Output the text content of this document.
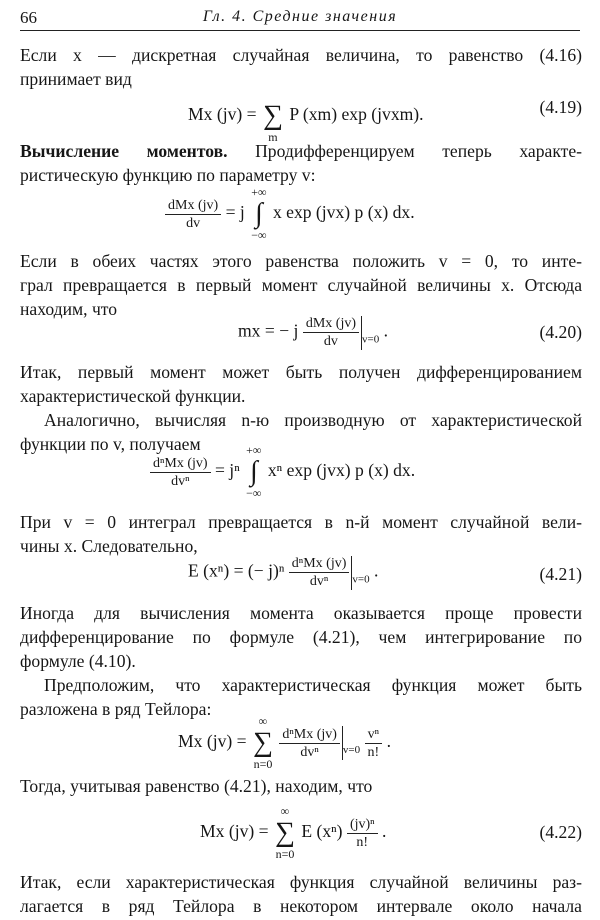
66	Гл. 4. Средние значения

Если x — дискретная случайная величина, то равенство (4.16)

принимает вид

Mx (jv) =
∑
m
P (xm) exp (jvxm).	(4.19)

Вычисление моментов. Продифференцируем теперь характе-

ристическую функцию по параметру v:

$\frac{\text{dMx (jv)}}{dv} = j$
+∞
∫
−∞
x exp (jvx) p (x) dx.

Если в обеих частях этого равенства положить v = 0, то инте-

грал превращается в первый момент случайной величины x. Отсюда

находим, что

mx = − j $\frac{\text{dMx (jv)}}{dv} _{v=0}$ .	(4.20)

Итак, первый момент может быть получен дифференцированием

характеристической функции.

Аналогично, вычисляя n-ю производную от характеристической

функции по v, получаем

$\frac{\text{dⁿMx (jv)}}{\text{dvⁿ}} = j^n$
+∞
∫
−∞
xⁿ exp (jvx) p (x) dx.

При v = 0 интеграл превращается в n-й момент случайной вели-

чины x. Следовательно,

E (xⁿ) = (− $j)^n \frac{\text{dⁿMx (jv)}}{\text{dvⁿ}} _{v=0}$ .	(4.21)

Иногда для вычисления момента оказывается проще провести

дифференцирование по формуле (4.21), чем интегрирование по

формуле (4.10).

Предположим, что характеристическая функция может быть

разложена в ряд Тейлора:

Mx (jv) =
∞
∑
n=0

$\frac{\text{dⁿMx (jv)}}{\text{dvⁿ}} _{v=0} \frac{\text{vⁿ}}{n!}$ .

Тогда, учитывая равенство (4.21), находим, что

Mx (jv) =
∞
∑
n=0
E $(x^n) \frac{\text{(jv)ⁿ}}{n!}$ .	(4.22)

Итак, если характеристическая функция случайной величины раз-

лагается в ряд Тейлора в некотором интервале около начала
